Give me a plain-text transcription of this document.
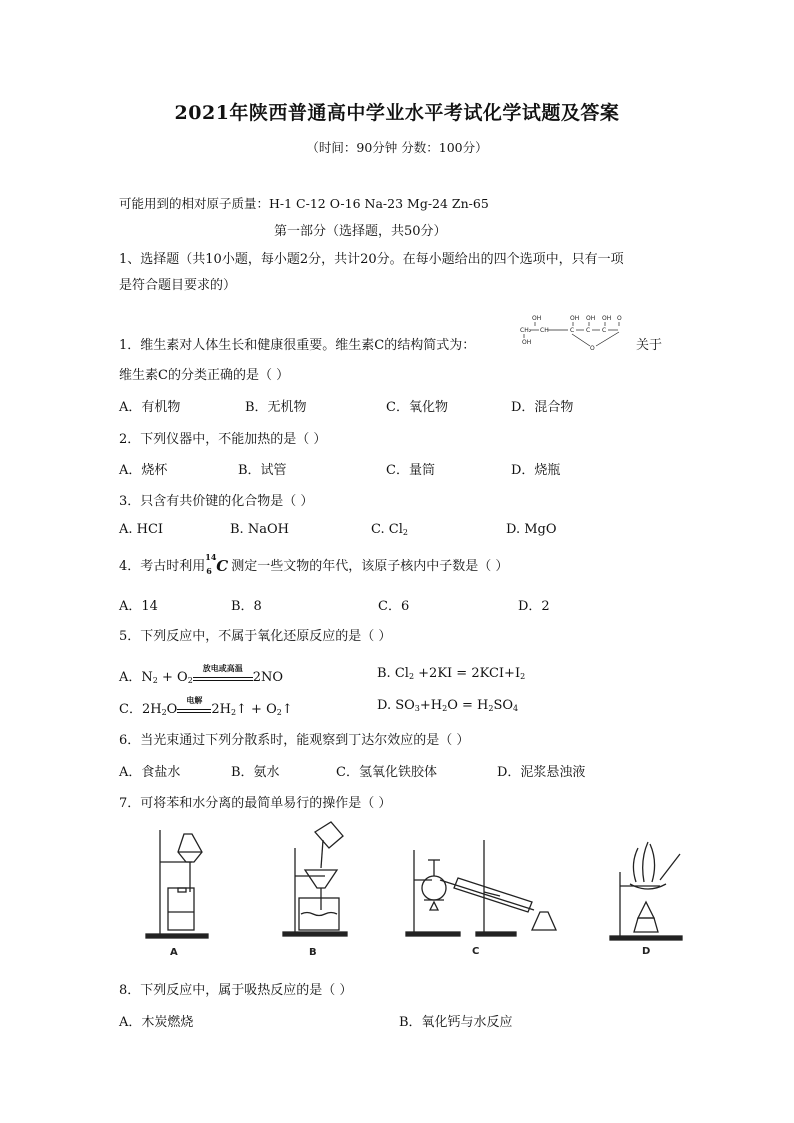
2021年陕西普通高中学业水平考试化学试题及答案
（时间：90分钟 分数：100分）
可能用到的相对原子质量：H-1 C-12 O-16 Na-23 Mg-24 Zn-65
第一部分（选择题，共50分）
1、选择题（共10小题，每小题2分，共计20分。在每小题给出的四个选项中，只有一项
是符合题目要求的）
1．维生素对人体生长和健康很重要。维生素C的结构简式为：
OH	OH OH OH O
CH₂ CH	C C C
OH
O	关于
维生素C的分类正确的是（ ）
A．有机物	B．无机物	C．氧化物	D．混合物
2．下列仪器中，不能加热的是（ ）
A．烧杯	B．试管	C．量筒	D．烧瓶
3．只含有共价键的化合物是（ ）
A. HCI	B. NaOH	C. $Cl_2$	D. MgO
4．考古时利用
14
6 C 测定一些文物的年代，该原子核内中子数是（ ）
A．14	B．8	C．6	D．2
5．下列反应中，不属于氧化还原反应的是（ ）
A．$N_2 + O_2$
放电或高温
2NO	B. $Cl_2 +2KI = 2KCI+I_2$
C．$2H_2O$
电解
$2H_2↑$ + $O_2↑$	D. $SO_3+H_2O = H_2SO_4$
6．当光束通过下列分散系时，能观察到丁达尔效应的是（ ）
A．食盐水	B．氨水	C．氢氧化铁胶体	D．泥浆悬浊液
7．可将苯和水分离的最简单易行的操作是（ ）
A	B	C	D
8．下列反应中，属于吸热反应的是（ ）
A．木炭燃烧	B．氧化钙与水反应
